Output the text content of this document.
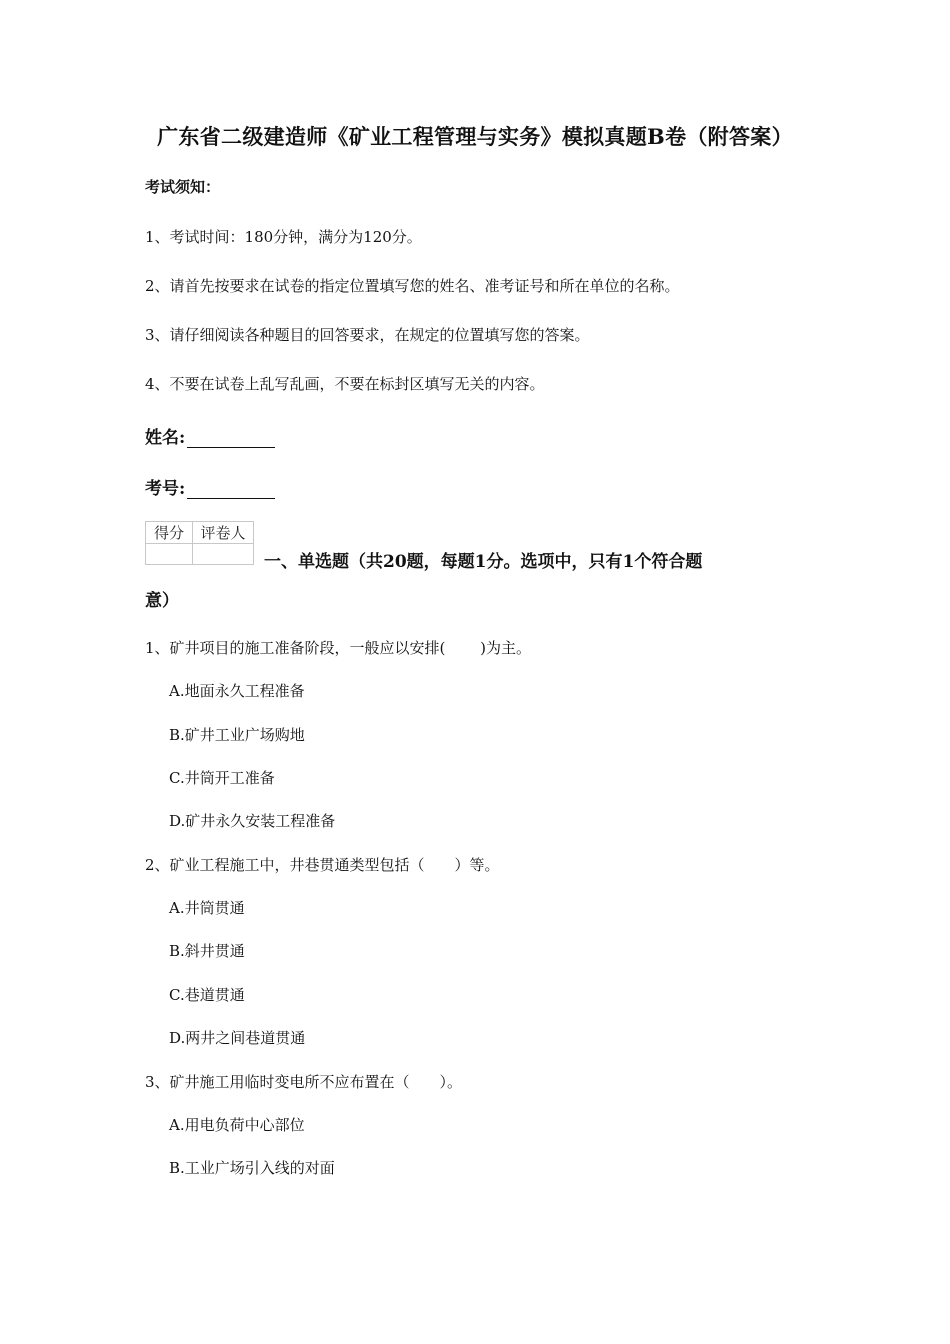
广东省二级建造师《矿业工程管理与实务》模拟真题B卷（附答案）
考试须知：
1、考试时间：180分钟，满分为120分。
2、请首先按要求在试卷的指定位置填写您的姓名、准考证号和所在单位的名称。
3、请仔细阅读各种题目的回答要求，在规定的位置填写您的答案。
4、不要在试卷上乱写乱画，不要在标封区填写无关的内容。
姓名:
考号:
得分	评卷人

一、单选题（共20题，每题1分。选项中，只有1个符合题
意）
1、矿井项目的施工准备阶段，一般应以安排(　　 )为主。
A.地面永久工程准备
B.矿井工业广场购地
C.井筒开工准备
D.矿井永久安装工程准备
2、矿业工程施工中，井巷贯通类型包括（　　）等。
A.井筒贯通
B.斜井贯通
C.巷道贯通
D.两井之间巷道贯通
3、矿井施工用临时变电所不应布置在（　　）。
A.用电负荷中心部位
B.工业广场引入线的对面
